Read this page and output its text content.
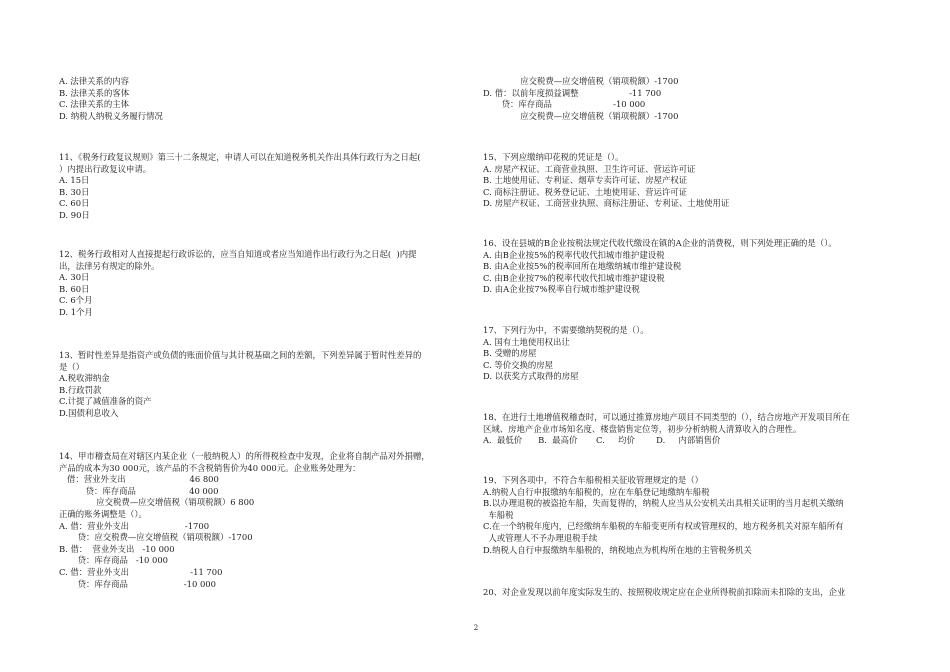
A. 法律关系的内容
B. 法律关系的客体
C. 法律关系的主体
D. 纳税人纳税义务履行情况
11、《税务行政复议规则》第三十二条规定，申请人可以在知道税务机关作出具体行政行为之日起(
）内提出行政复议申请。
A. 15日
B. 30日
C. 60日
D. 90日
12、税务行政相对人直接提起行政诉讼的，应当自知道或者应当知道作出行政行为之日起(  )内提
出，法律另有规定的除外。
A. 30日
B. 60日
C. 6个月
D. 1个月
13、暂时性差异是指资产或负债的账面价值与其计税基础之间的差额，下列差异属于暂时性差异的
是（）
A.税收滞纳金
B.行政罚款
C.计提了减值准备的资产
D.国债利息收入
14、甲市稽查局在对辖区内某企业（一般纳税人）的所得税检查中发现，企业将自制产品对外捐赠，
产品的成本为30 000元，该产品的不含税销售价为40 000元。企业账务处理为：
借：营业外支出                        46 800
贷：库存商品                    40 000
应交税费—应交增值税（销项税额）6 800
正确的账务调整是（）。
A. 借：营业外支出                     -1700
贷：应交税费—应交增值税（销项税额）-1700
B. 借：  营业外支出   -10 000
贷：库存商品   -10 000
C. 借：营业外支出                       -11 700
贷：库存商品                     -10 000
应交税费—应交增值税（销项税额）-1700
D. 借：以前年度损益调整                   -11 700
贷：库存商品                       -10 000
应交税费—应交增值税（销项税额）-1700
15、下列应缴纳印花税的凭证是（）。
A. 房屋产权证、工商营业执照、卫生许可证、营运许可证
B. 土地使用证、专利证、烟草专卖许可证、房屋产权证
C. 商标注册证、税务登记证、土地使用证、营运许可证
D. 房屋产权证、工商营业执照、商标注册证、专利证、土地使用证
16、设在县城的B企业按税法规定代收代缴设在镇的A企业的消费税，则下列处理正确的是（）。
A. 由B企业按5%的税率代收代扣城市维护建设税
B. 由A企业按5%的税率回所在地缴纳城市维护建设税
C. 由B企业按7%的税率代收代扣城市维护建设税
D. 由A企业按7%税率自行城市维护建设税
17、下列行为中，不需要缴纳契税的是（）。
A. 国有土地使用权出让
B. 受赠的房屋
C. 等价交换的房屋
D. 以获奖方式取得的房屋
18、在进行土地增值税稽查时，可以通过推算房地产项目不同类型的（），结合房地产开发项目所在
区域、房地产企业市场知名度、楼盘销售定位等，初步分析纳税人清算收入的合理性。
A.  最低价      B.  最高价       C.     均价        D.     内部销售价
19、下列各项中，不符合车船税相关征收管理规定的是（）
A.纳税人自行申报缴纳车船税的，应在车船登记地缴纳车船税
B.以办理退税的被盗抢车船，失而复得的，纳税人应当从公安机关出具相关证明的当月起机关缴纳
车船税
C.在一个纳税年度内，已经缴纳车船税的车船变更所有权或管理权的，地方税务机关对原车船所有
人或管理人不予办理退税手续
D.纳税人自行申报缴纳车船税的，纳税地点为机构所在地的主管税务机关
20、对企业发现以前年度实际发生的、按照税收规定应在企业所得税前扣除而未扣除的支出，企业
2
